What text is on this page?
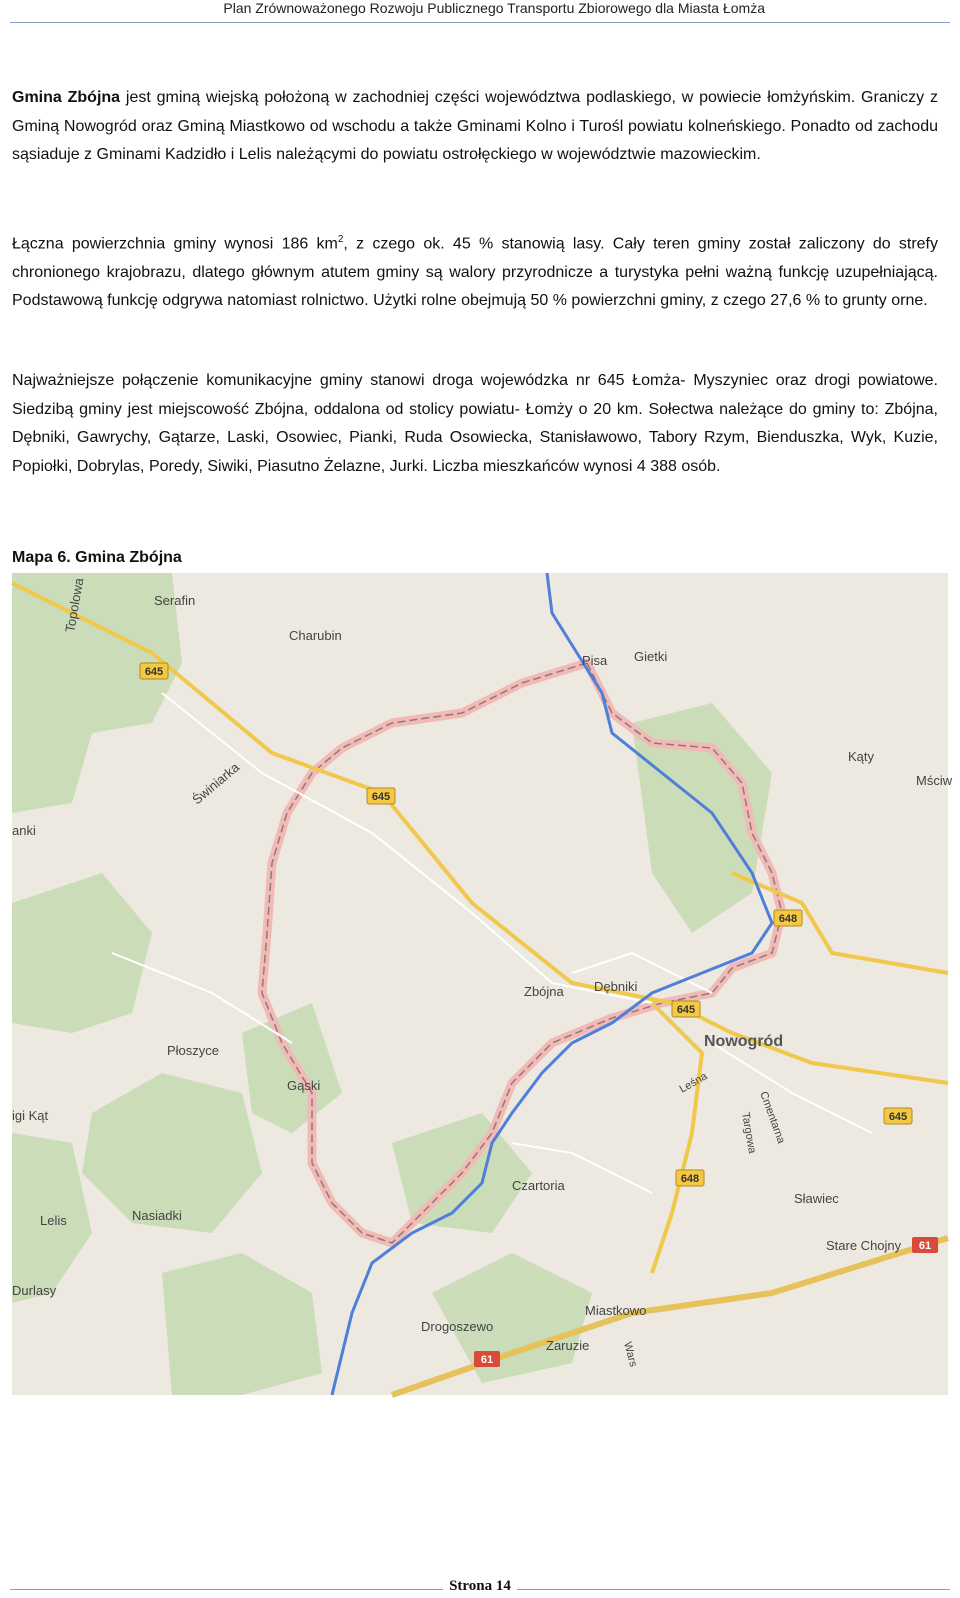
Plan Zrównoważonego Rozwoju Publicznego Transportu Zbiorowego dla Miasta Łomża

Gmina Zbójna jest gminą wiejską położoną w zachodniej części województwa podlaskiego, w powiecie łomżyńskim. Graniczy z Gminą Nowogród oraz Gminą Miastkowo od wschodu a także Gminami Kolno i Turośl powiatu kolneńskiego. Ponadto od zachodu sąsiaduje z Gminami Kadzidło i Lelis należącymi do powiatu ostrołęckiego w województwie mazowieckim.

Łączna powierzchnia gminy wynosi 186 $km^2$, z czego ok. 45 % stanowią lasy. Cały teren gminy został zaliczony do strefy chronionego krajobrazu, dlatego głównym atutem gminy są walory przyrodnicze a turystyka pełni ważną funkcję uzupełniającą. Podstawową funkcję odgrywa natomiast rolnictwo. Użytki rolne obejmują 50 % powierzchni gminy, z czego 27,6 % to grunty orne.

Najważniejsze połączenie komunikacyjne gminy stanowi droga wojewódzka nr 645 Łomża- Myszyniec oraz drogi powiatowe. Siedzibą gminy jest miejscowość Zbójna, oddalona od stolicy powiatu- Łomży o 20 km. Sołectwa należące do gminy to: Zbójna, Dębniki, Gawrychy, Gątarze, Laski, Osowiec, Pianki, Ruda Osowiecka, Stanisławowo, Tabory Rzym, Bienduszka, Wyk, Kuzie, Popiołki, Dobrylas, Poredy, Siwiki, Piasutno Żelazne, Jurki. Liczba mieszkańców wynosi 4 388 osób.

Mapa 6. Gmina Zbójna
645
645
648
645
645
648
61
61
Serafin
Charubin
Pisa Gietki
Kąty
Mściw
anki
Świniarka
Topolowa
Zbójna Dębniki
Nowogród
Płoszyce
Gąski
igi Kąt
Leśna
Cmentarna
Targowa
Czartoria
Sławiec
Nasiadki
Lelis
Stare Chojny
Durlasy
Drogoszewo
Miastkowo
Zaruzie	Wars
Strona 14
